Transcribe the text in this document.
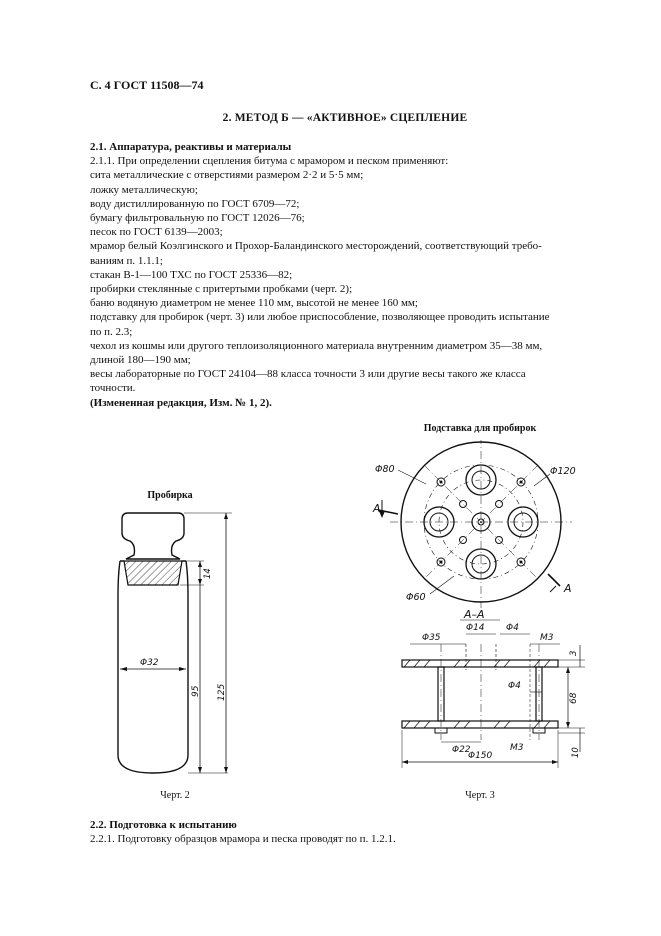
С. 4 ГОСТ 11508—74
2. МЕТОД Б — «АКТИВНОЕ» СЦЕПЛЕНИЕ

2.1. Аппаратура, реактивы и материалы

2.1.1. При определении сцепления битума с мрамором и песком применяют:

сита металлические с отверстиями размером 2·2 и 5·5 мм;

ложку металлическую;

воду дистиллированную по ГОСТ 6709—72;

бумагу фильтровальную по ГОСТ 12026—76;

песок по ГОСТ 6139—2003;

мрамор белый Коэлгинского и Прохор-Баландинского месторождений, соответствующий требо-

ваниям п. 1.1.1;

стакан В-1—100 ТХС по ГОСТ 25336—82;

пробирки стеклянные с притертыми пробками (черт. 2);

баню водяную диаметром не менее 110 мм, высотой не менее 160 мм;

подставку для пробирок (черт. 3) или любое приспособление, позволяющее проводить испытание

по п. 2.3;

чехол из кошмы или другого теплоизоляционного материала внутренним диаметром 35—38 мм,

длиной 180—190 мм;

весы лабораторные по ГОСТ 24104—88 класса точности 3 или другие весы такого же класса

точности.

(Измененная редакция, Изм. № 1, 2).

Пробирка
Подставка для пробирок
Φ32
14
95 125
Черт. 2
A
A
Φ80	Φ120
Φ60
A–A
Φ35
Φ14 Φ4
M3
3
68
10
Φ4
Φ22	M3
Φ150
Черт. 3

2.2. Подготовка к испытанию

2.2.1. Подготовку образцов мрамора и песка проводят по п. 1.2.1.
